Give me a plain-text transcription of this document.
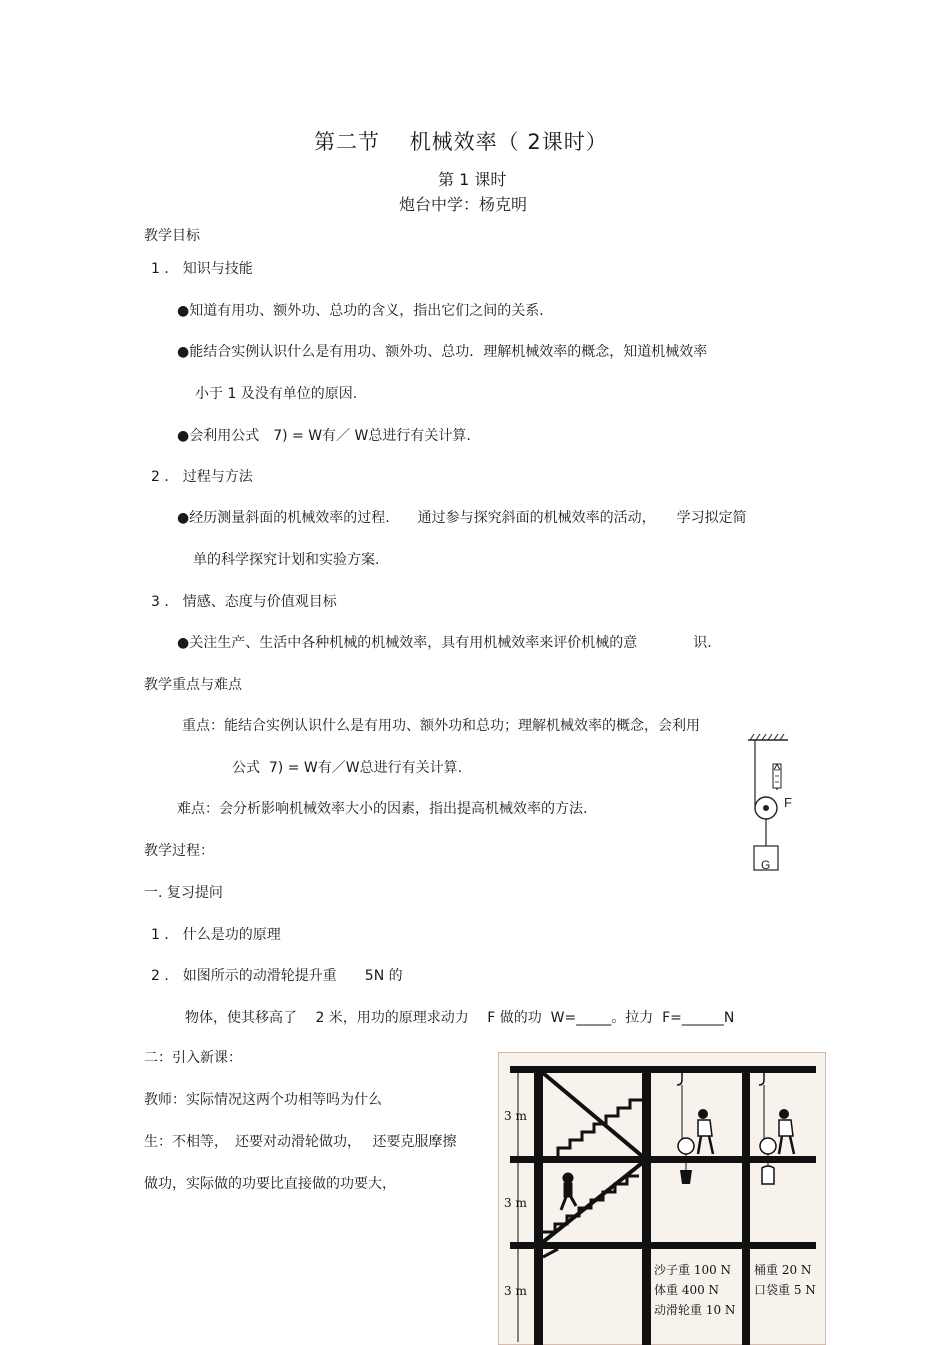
第二节　 机械效率（ 2课时）
第 1 课时
炮台中学：杨克明
教学目标
1 ． 知识与技能
●知道有用功、额外功、总功的含义，指出它们之间的关系.
●能结合实例认识什么是有用功、额外功、总功．理解机械效率的概念，知道机械效率
小于 1 及没有单位的原因.
●会利用公式　7) = W有／ W总进行有关计算.
2 ． 过程与方法
●经历测量斜面的机械效率的过程.　　通过参与探究斜面的机械效率的活动，　　学习拟定简
单的科学探究计划和实验方案.
3 ． 情感、态度与价值观目标
●关注生产、生活中各种机械的机械效率，具有用机械效率来评价机械的意　　　　识.
教学重点与难点
重点：能结合实例认识什么是有用功、额外功和总功；理解机械效率的概念，会利用
公式  7) = W有／W总进行有关计算.
难点：会分析影响机械效率大小的因素，指出提高机械效率的方法.
教学过程：
一. 复习提问
1 ． 什么是功的原理
2 ． 如图所示的动滑轮提升重　　5N 的
物体，使其移高了　 2 米，用功的原理求动力　 F 做的功  W=_____。拉力  F=______N
二：引入新课：
教师：实际情况这两个功相等吗为什么
生：不相等，　还要对动滑轮做功，　 还要克服摩擦
做功，实际做的功要比直接做的功要大，
F
G
3 m
3 m
3 m
沙子重 100 N
体重 400 N
动滑轮重 10 N
桶重 20 N
口袋重 5 N
